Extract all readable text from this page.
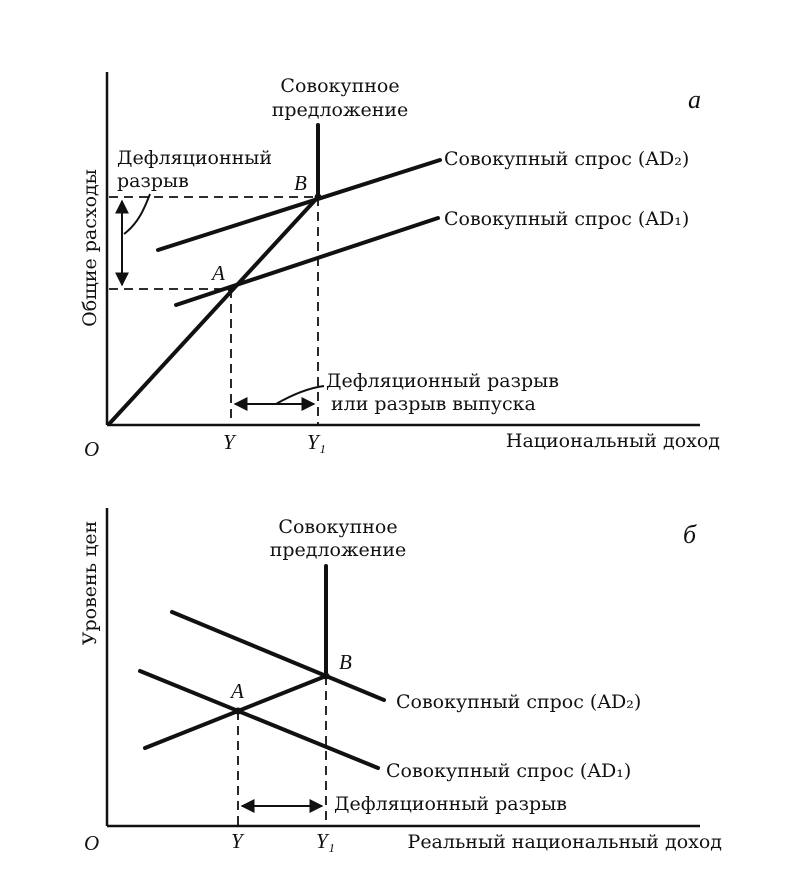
а
Общие расходы
Национальный доход
O
Совокупное
предложение
Совокупный спрос (AD₂)
Совокупный спрос (AD₁)
B
A
Дефляционный
разрыв
Дефляционный разрыв
или разрыв выпуска
Y	Y₁
б
Уровень цен
Реальный национальный доход
O
Совокупное
предложение
Совокупный спрос (AD₂)
Совокупный спрос (AD₁)
B
A
Дефляционный разрыв
Y	Y₁
